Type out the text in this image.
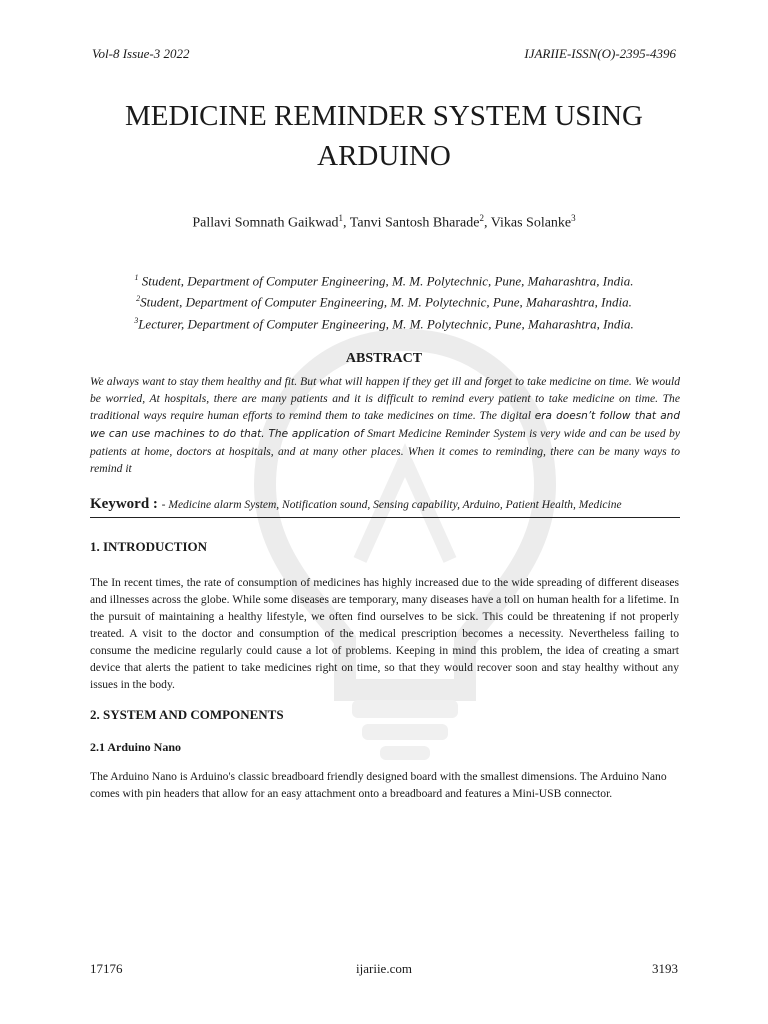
Vol-8 Issue-3 2022	IJARIIE-ISSN(O)-2395-4396
MEDICINE REMINDER SYSTEM USING
ARDUINO
Pallavi Somnath Gaikwad$^1$, Tanvi Santosh Bharade$^2$, Vikas Solanke$^3$
$^1$ Student, Department of Computer Engineering, M. M. Polytechnic, Pune, Maharashtra, India.
$^2$Student, Department of Computer Engineering, M. M. Polytechnic, Pune, Maharashtra, India.
$^3$Lecturer, Department of Computer Engineering, M. M. Polytechnic, Pune, Maharashtra, India.
ABSTRACT
We always want to stay them healthy and fit. But what will happen if they get ill and forget to take medicine on time. We would be worried, At hospitals, there are many patients and it is difficult to remind every patient to take medicine on time. The traditional ways require human efforts to remind them to take medicines on time. The digital era doesn’t follow that and we can use machines to do that. The application of Smart Medicine Reminder System is very wide and can be used by patients at home, doctors at hospitals, and at many other places. When it comes to reminding, there can be many ways to remind it
Keyword : - Medicine alarm System, Notification sound, Sensing capability, Arduino, Patient Health, Medicine
1. INTRODUCTION
The In recent times, the rate of consumption of medicines has highly increased due to the wide spreading of different diseases and illnesses across the globe. While some diseases are temporary, many diseases have a toll on human health for a lifetime. In the pursuit of maintaining a healthy lifestyle, we often find ourselves to be sick. This could be threatening if not properly treated. A visit to the doctor and consumption of the medical prescription becomes a necessity. Nevertheless failing to consume the medicine regularly could cause a lot of problems. Keeping in mind this problem, the idea of creating a smart device that alerts the patient to take medicines right on time, so that they would recover soon and stay healthy without any issues in the body.
2. SYSTEM AND COMPONENTS
2.1 Arduino Nano
The Arduino Nano is Arduino's classic breadboard friendly designed board with the smallest dimensions. The Arduino Nano comes with pin headers that allow for an easy attachment onto a breadboard and features a Mini-USB connector.
17176	ijariie.com	3193
